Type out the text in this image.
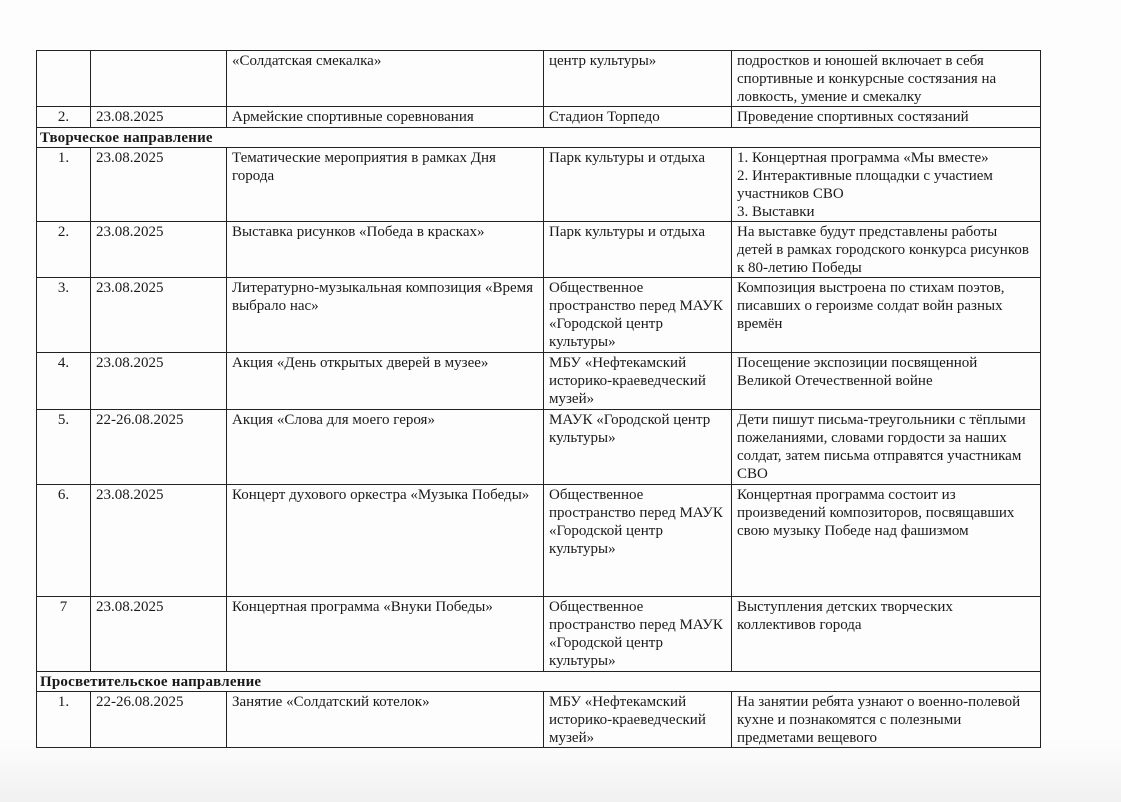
		«Солдатская смекалка»	центр культуры»	подростков и юношей включает в себя спортивные и конкурсные состязания на ловкость, умение и смекалку
2.	23.08.2025	Армейские спортивные соревнования	Стадион Торпедо	Проведение спортивных состязаний
Творческое направление				
1.	23.08.2025	Тематические мероприятия в рамках Дня города	Парк культуры и отдыха	1. Концертная программа «Мы вместе»
2. Интерактивные площадки с участием участников СВО
3. Выставки
2.	23.08.2025	Выставка рисунков «Победа в красках»	Парк культуры и отдыха	На выставке будут представлены работы детей в рамках городского конкурса рисунков к 80-летию Победы
3.	23.08.2025	Литературно-музыкальная композиция «Время выбрало нас»	Общественное пространство перед МАУК «Городской центр культуры»	Композиция выстроена по стихам поэтов, писавших о героизме солдат войн разных времён
4.	23.08.2025	Акция «День открытых дверей в музее»	МБУ «Нефтекамский историко-краеведческий музей»	Посещение экспозиции посвященной Великой Отечественной войне
5.	22-26.08.2025	Акция «Слова для моего героя»	МАУК «Городской центр культуры»	Дети пишут письма-треугольники с тёплыми пожеланиями, словами гордости за наших солдат, затем письма отправятся участникам СВО
6.	23.08.2025	Концерт духового оркестра «Музыка Победы»	Общественное пространство перед МАУК «Городской центр культуры»	Концертная программа состоит из произведений композиторов, посвящавших свою музыку Победе над фашизмом
7	23.08.2025	Концертная программа «Внуки Победы»	Общественное пространство перед МАУК «Городской центр культуры»	Выступления детских творческих коллективов города
Просветительское направление				
1.	22-26.08.2025	Занятие «Солдатский котелок»	МБУ «Нефтекамский историко-краеведческий музей»	На занятии ребята узнают о военно-полевой кухне и познакомятся с полезными предметами вещевого
